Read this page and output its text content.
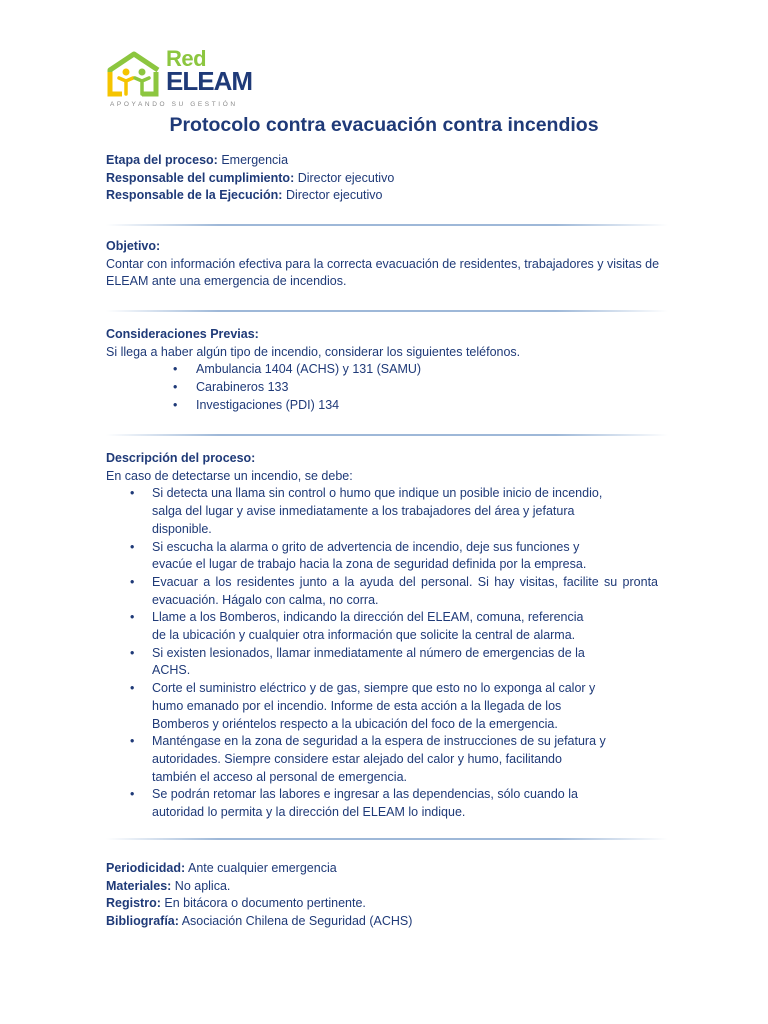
Red
ELEAM
APOYANDO SU GESTIÓN
Protocolo contra evacuación contra incendios
Etapa del proceso: Emergencia
Responsable del cumplimiento: Director ejecutivo
Responsable de la Ejecución: Director ejecutivo
Objetivo:
Contar con información efectiva para la correcta evacuación de residentes, trabajadores y visitas de
ELEAM ante una emergencia de incendios.
Consideraciones Previas:
Si llega a haber algún tipo de incendio, considerar los siguientes teléfonos.
• Ambulancia 1404 (ACHS) y 131 (SAMU)
• Carabineros 133
• Investigaciones (PDI) 134
Descripción del proceso:
En caso de detectarse un incendio, se debe:
• Si detecta una llama sin control o humo que indique un posible inicio de incendio,
salga del lugar y avise inmediatamente a los trabajadores del área y jefatura
disponible.
• Si escucha la alarma o grito de advertencia de incendio, deje sus funciones y
evacúe el lugar de trabajo hacia la zona de seguridad definida por la empresa.
• Evacuar a los residentes junto a la ayuda del personal. Si hay visitas, facilite su pronta
evacuación. Hágalo con calma, no corra.
• Llame a los Bomberos, indicando la dirección del ELEAM, comuna, referencia
de la ubicación y cualquier otra información que solicite la central de alarma.
• Si existen lesionados, llamar inmediatamente al número de emergencias de la
ACHS.
• Corte el suministro eléctrico y de gas, siempre que esto no lo exponga al calor y
humo emanado por el incendio. Informe de esta acción a la llegada de los
Bomberos y oriéntelos respecto a la ubicación del foco de la emergencia.
• Manténgase en la zona de seguridad a la espera de instrucciones de su jefatura y
autoridades. Siempre considere estar alejado del calor y humo, facilitando
también el acceso al personal de emergencia.
• Se podrán retomar las labores e ingresar a las dependencias, sólo cuando la
autoridad lo permita y la dirección del ELEAM lo indique.
Periodicidad: Ante cualquier emergencia
Materiales: No aplica.
Registro: En bitácora o documento pertinente.
Bibliografía: Asociación Chilena de Seguridad (ACHS)
